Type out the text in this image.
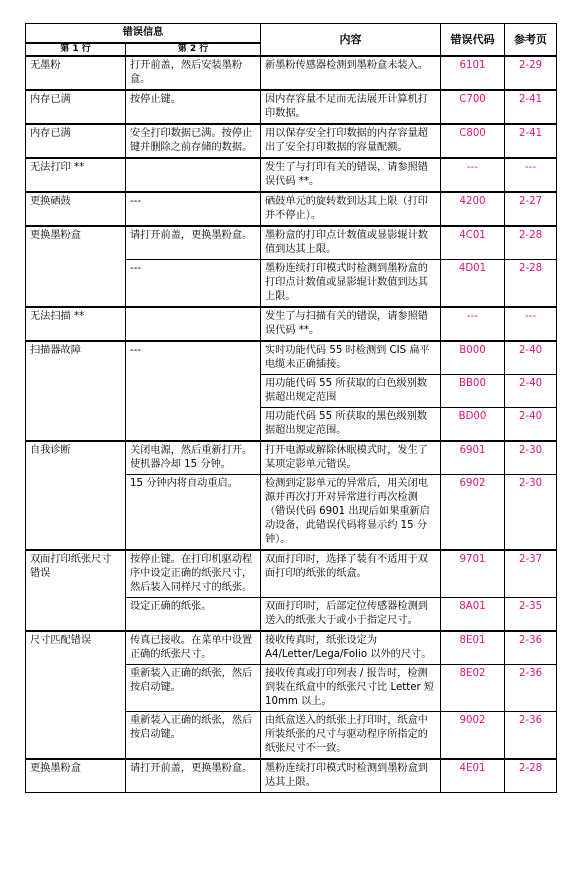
错误信息		内容	错误代码	参考页
第 1 行	第 2 行			
无墨粉	打开前盖，然后安装墨粉盒。	新墨粉传感器检测到墨粉盒未装入。	6101	2-29
内存已满	按停止键。	因内存容量不足而无法展开计算机打印数据。	C700	2-41
内存已满	安全打印数据已满。按停止键并删除之前存储的数据。	用以保存安全打印数据的内存容量超出了安全打印数据的容量配额。	C800	2-41
无法打印 **		发生了与打印有关的错误，请参照错误代码 **。	---	---
更换硒鼓	---	硒鼓单元的旋转数到达其上限（打印并不停止）。	4200	2-27
更换墨粉盒	请打开前盖，更换墨粉盒。	墨粉盒的打印点计数值或显影辊计数值到达其上限。	4C01	2-28
	---	墨粉连续打印模式时检测到墨粉盒的打印点计数值或显影辊计数值到达其上限。	4D01	2-28
无法扫描 **		发生了与扫描有关的错误，请参照错误代码 **。	---	---
扫描器故障	---	实时功能代码 55 时检测到 CIS 扁平电缆未正确插接。	B000	2-40
		用功能代码 55 所获取的白色级别数据超出规定范围	BB00	2-40
		用功能代码 55 所获取的黑色级别数据超出规定范围。	BD00	2-40
自我诊断	关闭电源，然后重新打开。使机器冷却 15 分钟。	打开电源或解除休眠模式时，发生了某项定影单元错误。	6901	2-30
	15 分钟内将自动重启。	检测到定影单元的异常后，用关闭电源并再次打开对异常进行再次检测（错误代码 6901 出现后如果重新启动设备，此错误代码将显示约 15 分钟）。	6902	2-30
双面打印纸张尺寸错误	按停止键。在打印机驱动程序中设定正确的纸张尺寸，然后装入同样尺寸的纸张。	双面打印时，选择了装有不适用于双面打印的纸张的纸盒。	9701	2-37
	设定正确的纸张。	双面打印时，后部定位传感器检测到送入的纸张大于或小于指定尺寸。	8A01	2-35
尺寸匹配错误	传真已接收。在菜单中设置正确的纸张尺寸。	接收传真时，纸张设定为 A4/Letter/Lega/Folio 以外的尺寸。	8E01	2-36
	重新装入正确的纸张，然后按启动键。	接收传真或打印列表 / 报告时，检测到装在纸盒中的纸张尺寸比 Letter 短 10mm 以上。	8E02	2-36
	重新装入正确的纸张，然后按启动键。	由纸盒送入的纸张上打印时，纸盒中所装纸张的尺寸与驱动程序所指定的纸张尺寸不一致。	9002	2-36
更换墨粉盒	请打开前盖，更换墨粉盒。	墨粉连续打印模式时检测到墨粉盒到达其上限。	4E01	2-28
